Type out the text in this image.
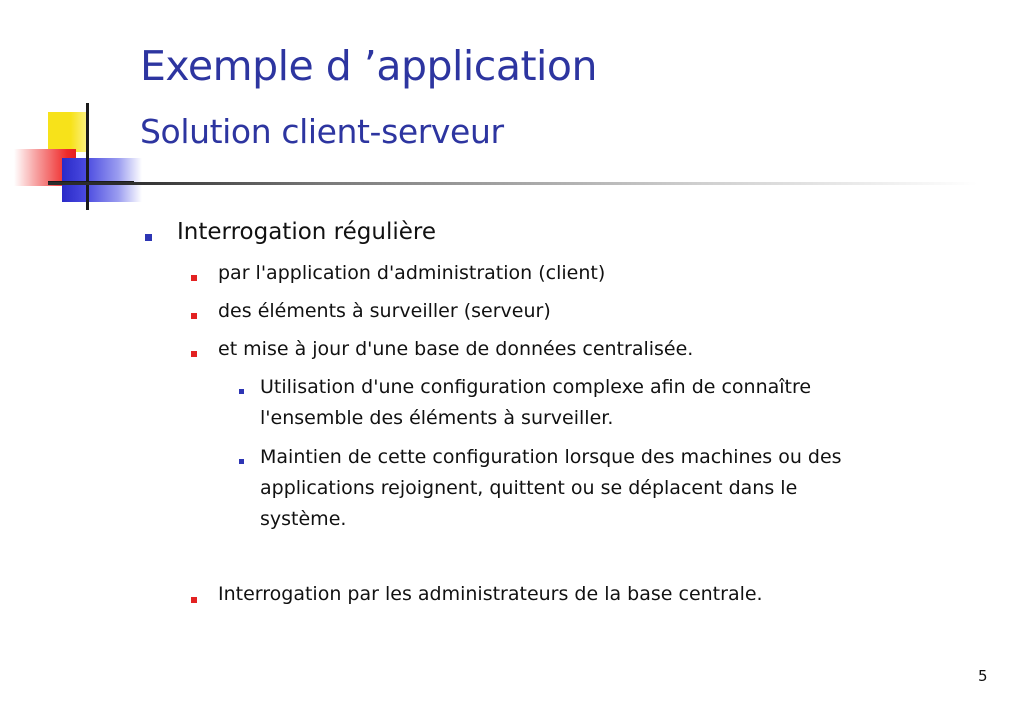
Exemple d ’application
Solution client-serveur
Interrogation régulière
par l'application d'administration (client)
des éléments à surveiller (serveur)
et mise à jour d'une base de données centralisée.
Utilisation d'une configuration complexe afin de connaître
l'ensemble des éléments à surveiller.
Maintien de cette configuration lorsque des machines ou des
applications rejoignent, quittent ou se déplacent dans le
système.
Interrogation par les administrateurs de la base centrale.
5
